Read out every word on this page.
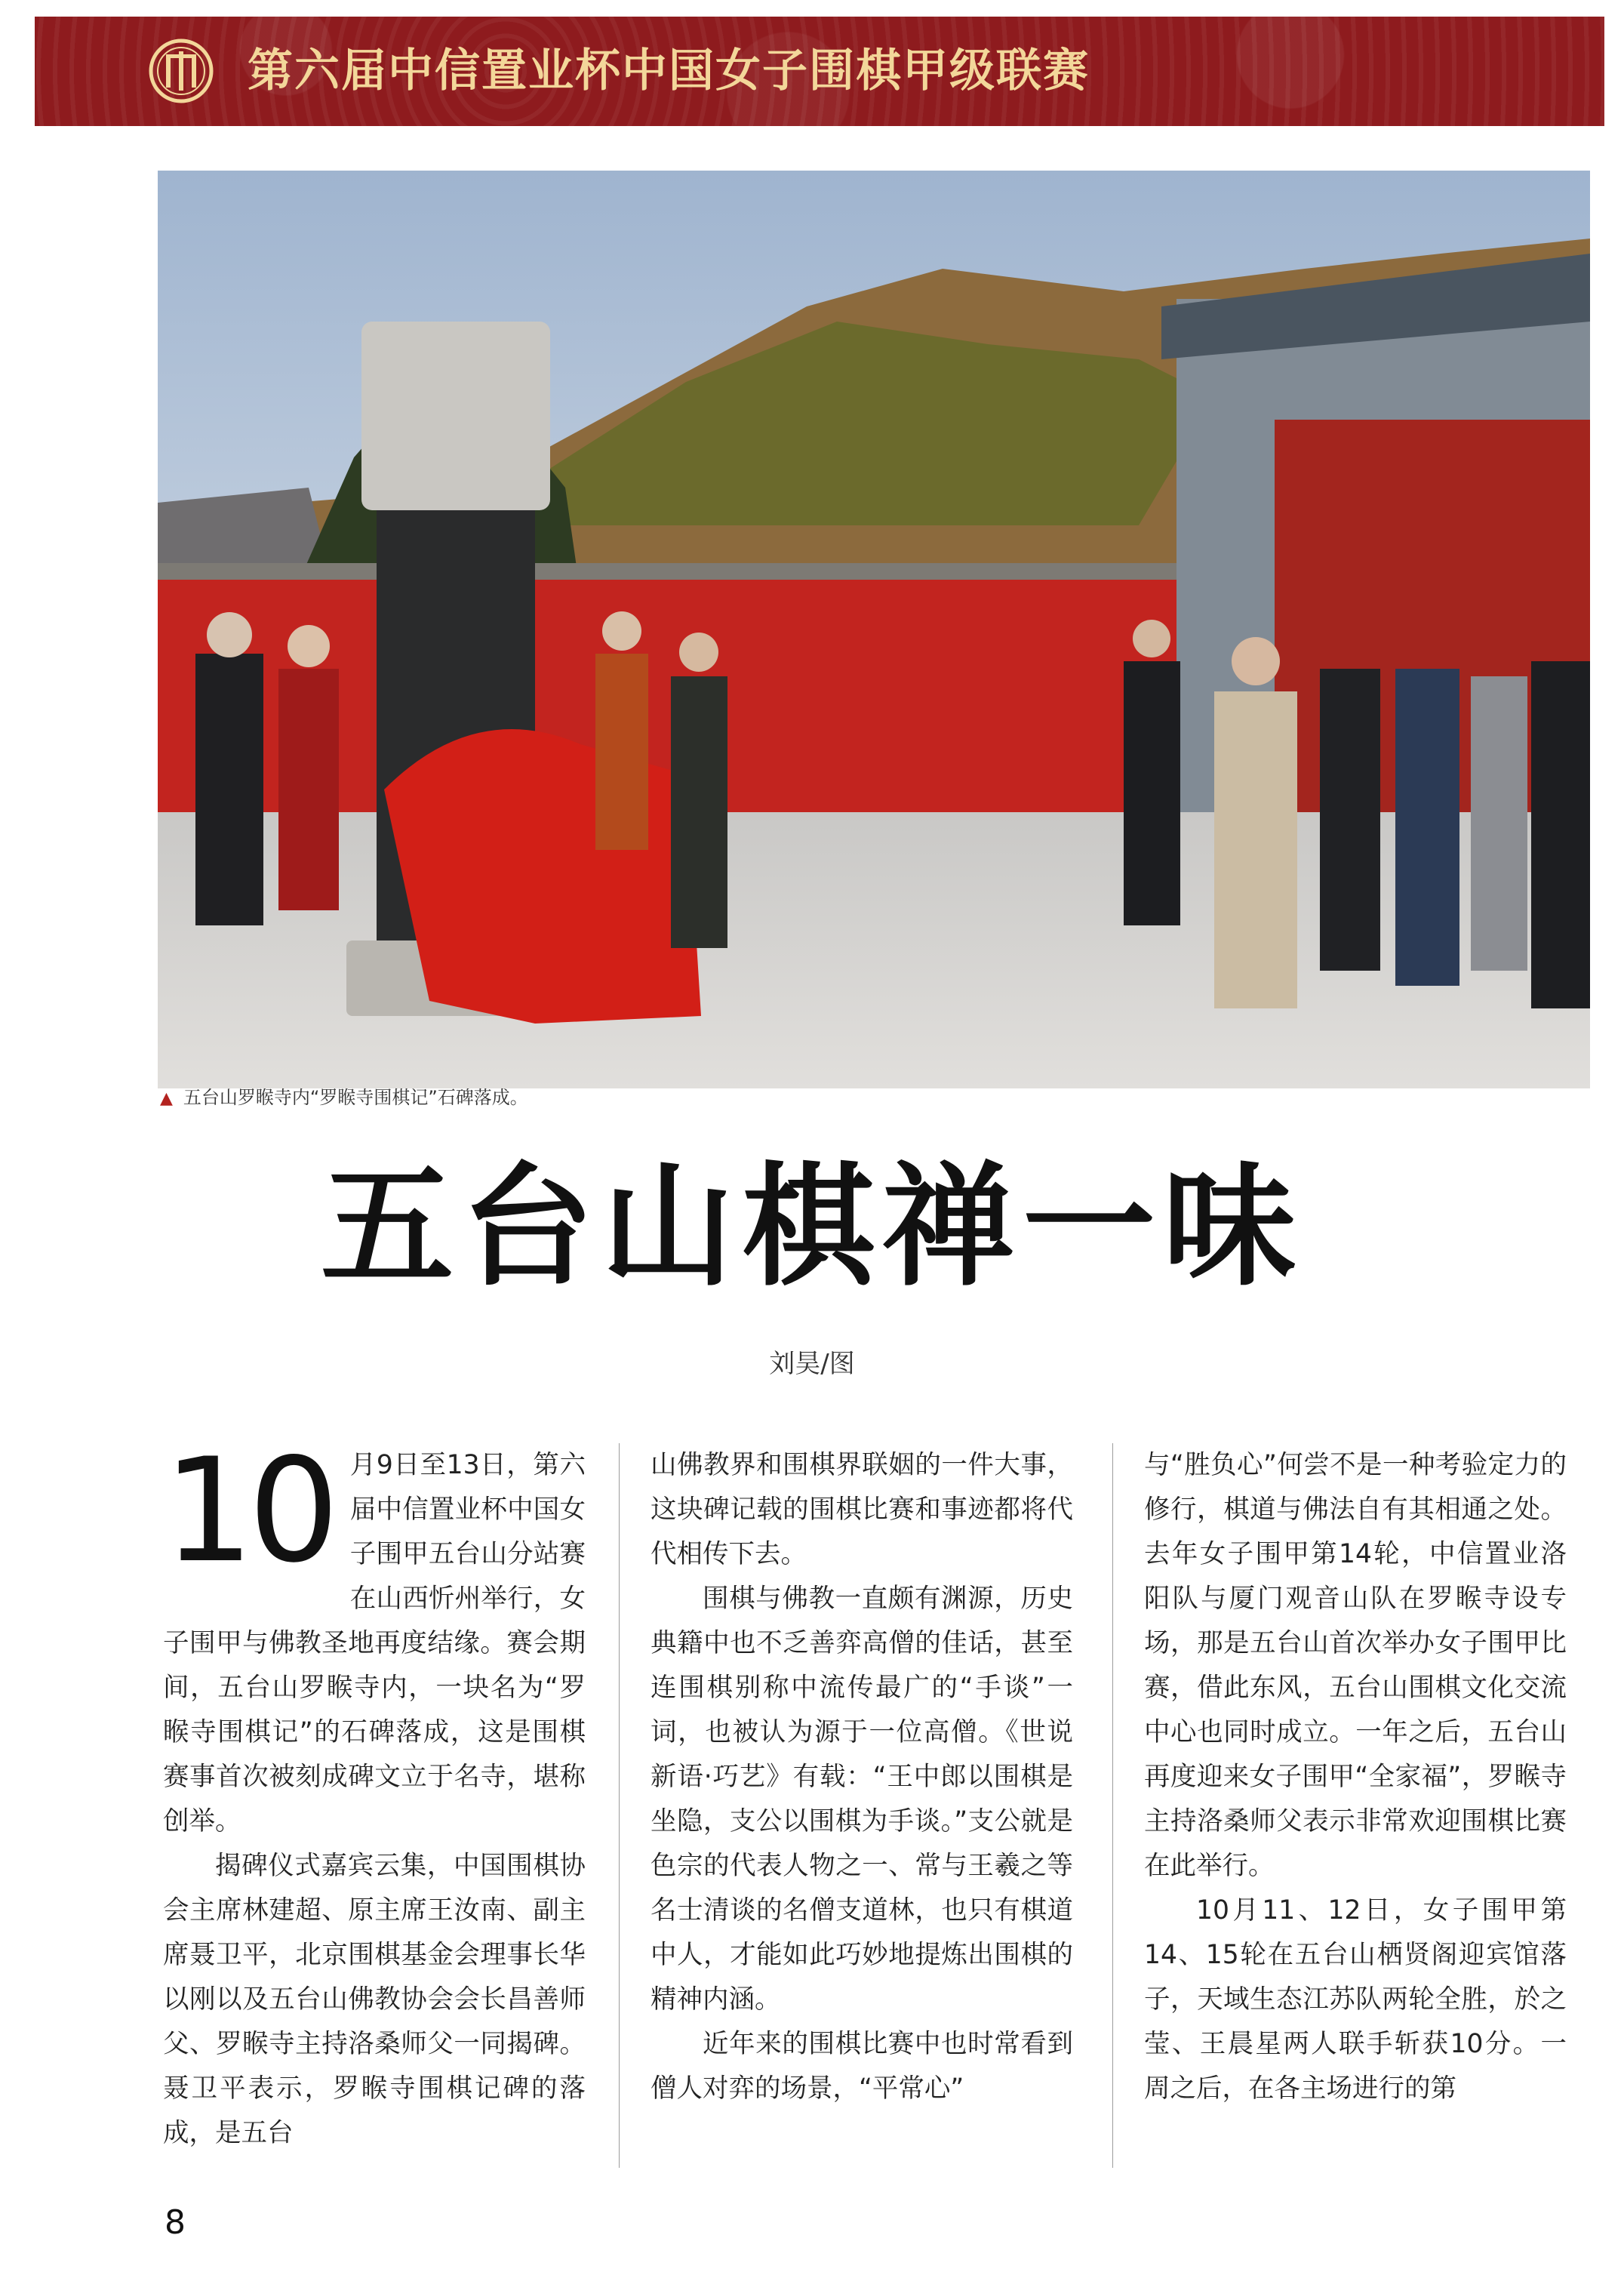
第六届中信置业杯中国女子围棋甲级联赛
▲ 五台山罗睺寺内“罗睺寺围棋记”石碑落成。
五台山棋禅一味
刘昊/图

10 月9日至13日，第六届中信置业杯中国女子围甲五台山分站赛在山西忻州举行，女子围甲与佛教圣地再度结缘。赛会期间，五台山罗睺寺内，一块名为“罗睺寺围棋记”的石碑落成，这是围棋赛事首次被刻成碑文立于名寺，堪称创举。

揭碑仪式嘉宾云集，中国围棋协会主席林建超、原主席王汝南、副主席聂卫平，北京围棋基金会理事长华以刚以及五台山佛教协会会长昌善师父、罗睺寺主持洛桑师父一同揭碑。聂卫平表示，罗睺寺围棋记碑的落成，是五台

山佛教界和围棋界联姻的一件大事，这块碑记载的围棋比赛和事迹都将代代相传下去。

围棋与佛教一直颇有渊源，历史典籍中也不乏善弈高僧的佳话，甚至连围棋别称中流传最广的“手谈”一词，也被认为源于一位高僧。《世说新语·巧艺》有载：“王中郎以围棋是坐隐，支公以围棋为手谈。”支公就是色宗的代表人物之一、常与王羲之等名士清谈的名僧支道林，也只有棋道中人，才能如此巧妙地提炼出围棋的精神内涵。

近年来的围棋比赛中也时常看到僧人对弈的场景，“平常心”

与“胜负心”何尝不是一种考验定力的修行，棋道与佛法自有其相通之处。去年女子围甲第14轮，中信置业洛阳队与厦门观音山队在罗睺寺设专场，那是五台山首次举办女子围甲比赛，借此东风，五台山围棋文化交流中心也同时成立。一年之后，五台山再度迎来女子围甲“全家福”，罗睺寺主持洛桑师父表示非常欢迎围棋比赛在此举行。

10月11、12日，女子围甲第14、15轮在五台山栖贤阁迎宾馆落子，天域生态江苏队两轮全胜，於之莹、王晨星两人联手斩获10分。一周之后，在各主场进行的第

8
